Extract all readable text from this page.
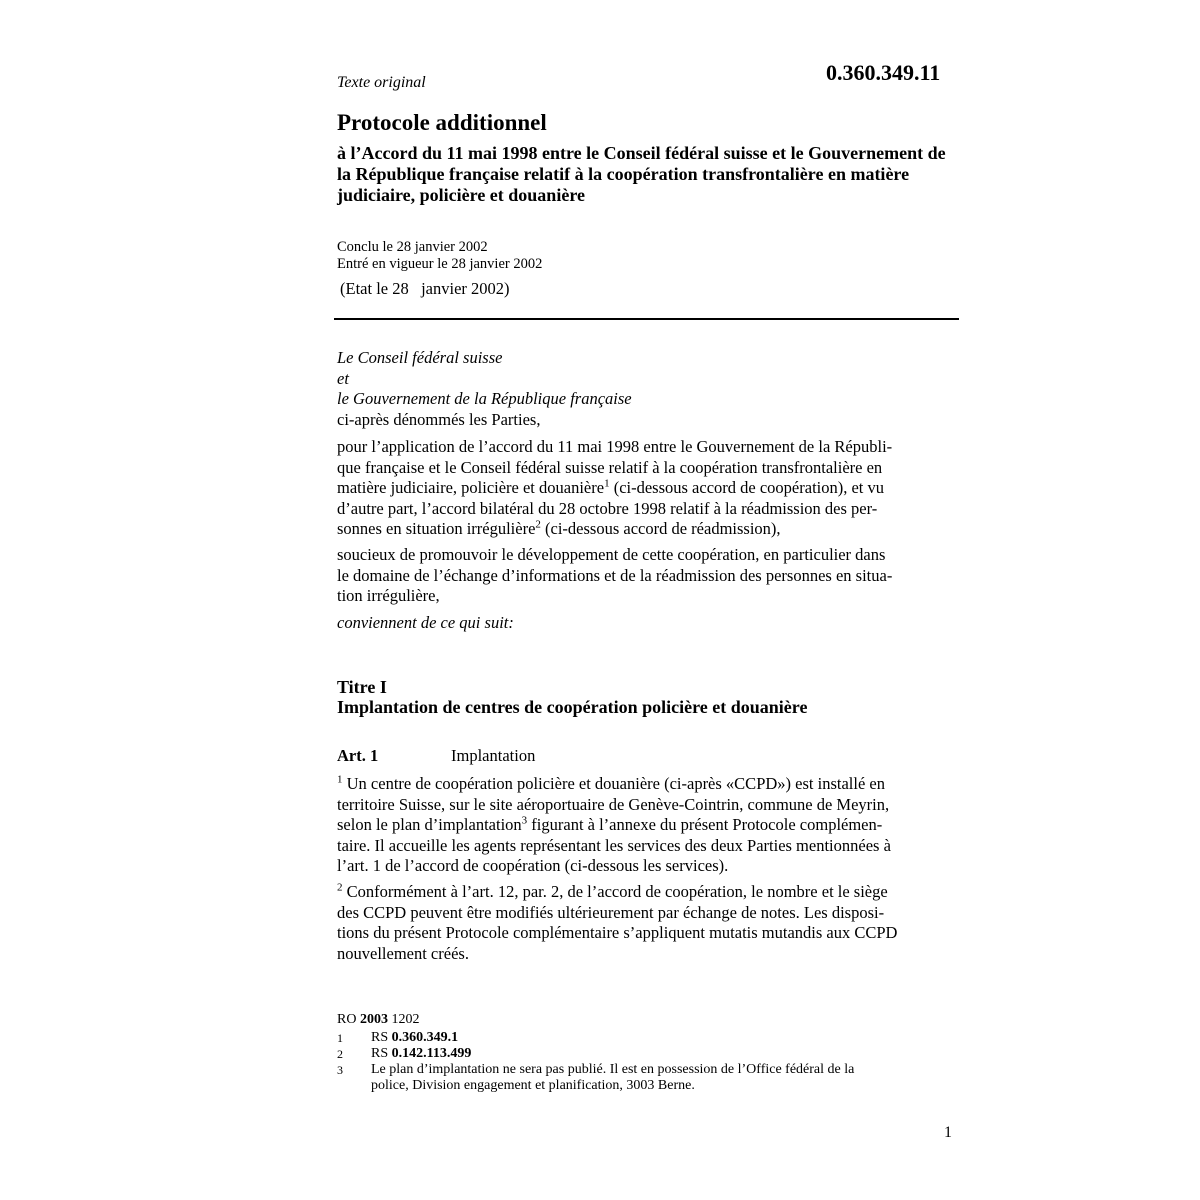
Texte original	0.360.349.11
Protocole additionnel
à l’Accord du 11 mai 1998 entre le Conseil fédéral suisse et le Gouvernement de la République française relatif à la coopération transfrontalière en matière judiciaire, policière et douanière
Conclu le 28 janvier 2002
Entré en vigueur le 28 janvier 2002
(Etat le 28   janvier 2002)
Le Conseil fédéral suisse
et
le Gouvernement de la République française
ci-après dénommés les Parties,
pour l’application de l’accord du 11 mai 1998 entre le Gouvernement de la Républi-
que française et le Conseil fédéral suisse relatif à la coopération transfrontalière en
matière judiciaire, policière et douanière$^1$ (ci-dessous accord de coopération), et vu
d’autre part, l’accord bilatéral du 28 octobre 1998 relatif à la réadmission des per-
sonnes en situation irrégulière$^2$ (ci-dessous accord de réadmission),
soucieux de promouvoir le développement de cette coopération, en particulier dans
le domaine de l’échange d’informations et de la réadmission des personnes en situa-
tion irrégulière,
conviennent de ce qui suit:
Titre I
Implantation de centres de coopération policière et douanière
Art. 1	Implantation
$^1$ Un centre de coopération policière et douanière (ci-après «CCPD») est installé en
territoire Suisse, sur le site aéroportuaire de Genève-Cointrin, commune de Meyrin,
selon le plan d’implantation$^3$ figurant à l’annexe du présent Protocole complémen-
taire. Il accueille les agents représentant les services des deux Parties mentionnées à
l’art. 1 de l’accord de coopération (ci-dessous les services).
$^2$ Conformément à l’art. 12, par. 2, de l’accord de coopération, le nombre et le siège
des CCPD peuvent être modifiés ultérieurement par échange de notes. Les disposi-
tions du présent Protocole complémentaire s’appliquent mutatis mutandis aux CCPD
nouvellement créés.
RO 2003 1202
1 RS 0.360.349.1
2 RS 0.142.113.499
3 Le plan d’implantation ne sera pas publié. Il est en possession de l’Office fédéral de la
police, Division engagement et planification, 3003 Berne.
1
